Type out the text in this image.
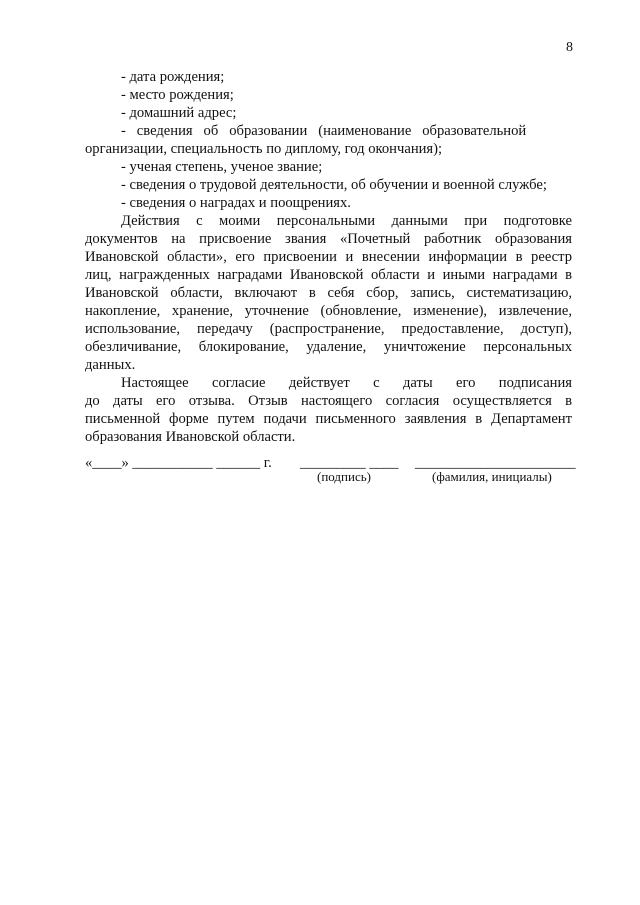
8

- дата рождения;

- место рождения;

- домашний адрес;

-   сведения   об   образовании   (наименование   образовательной

организации, специальность по диплому, год окончания);

- ученая степень, ученое звание;

- сведения о трудовой деятельности, об обучении и военной службе;

- сведения о наградах и поощрениях.

Действия с моими персональными данными при подготовке

документов на присвоение звания «Почетный работник образования

Ивановской области», его присвоении и внесении информации в реестр

лиц, награжденных наградами Ивановской области и иными наградами в

Ивановской области, включают в себя сбор, запись, систематизацию,

накопление, хранение, уточнение (обновление, изменение), извлечение,

использование, передачу (распространение, предоставление, доступ),

обезличивание, блокирование, удаление, уничтожение персональных

данных.

Настоящее согласие действует с даты его подписания

до даты его отзыва. Отзыв настоящего согласия осуществляется в

письменной форме путем подачи письменного заявления в Департамент

образования Ивановской области.

«____» ___________ ______ г. _________ ____ ______________________
(подпись)	(фамилия, инициалы)
